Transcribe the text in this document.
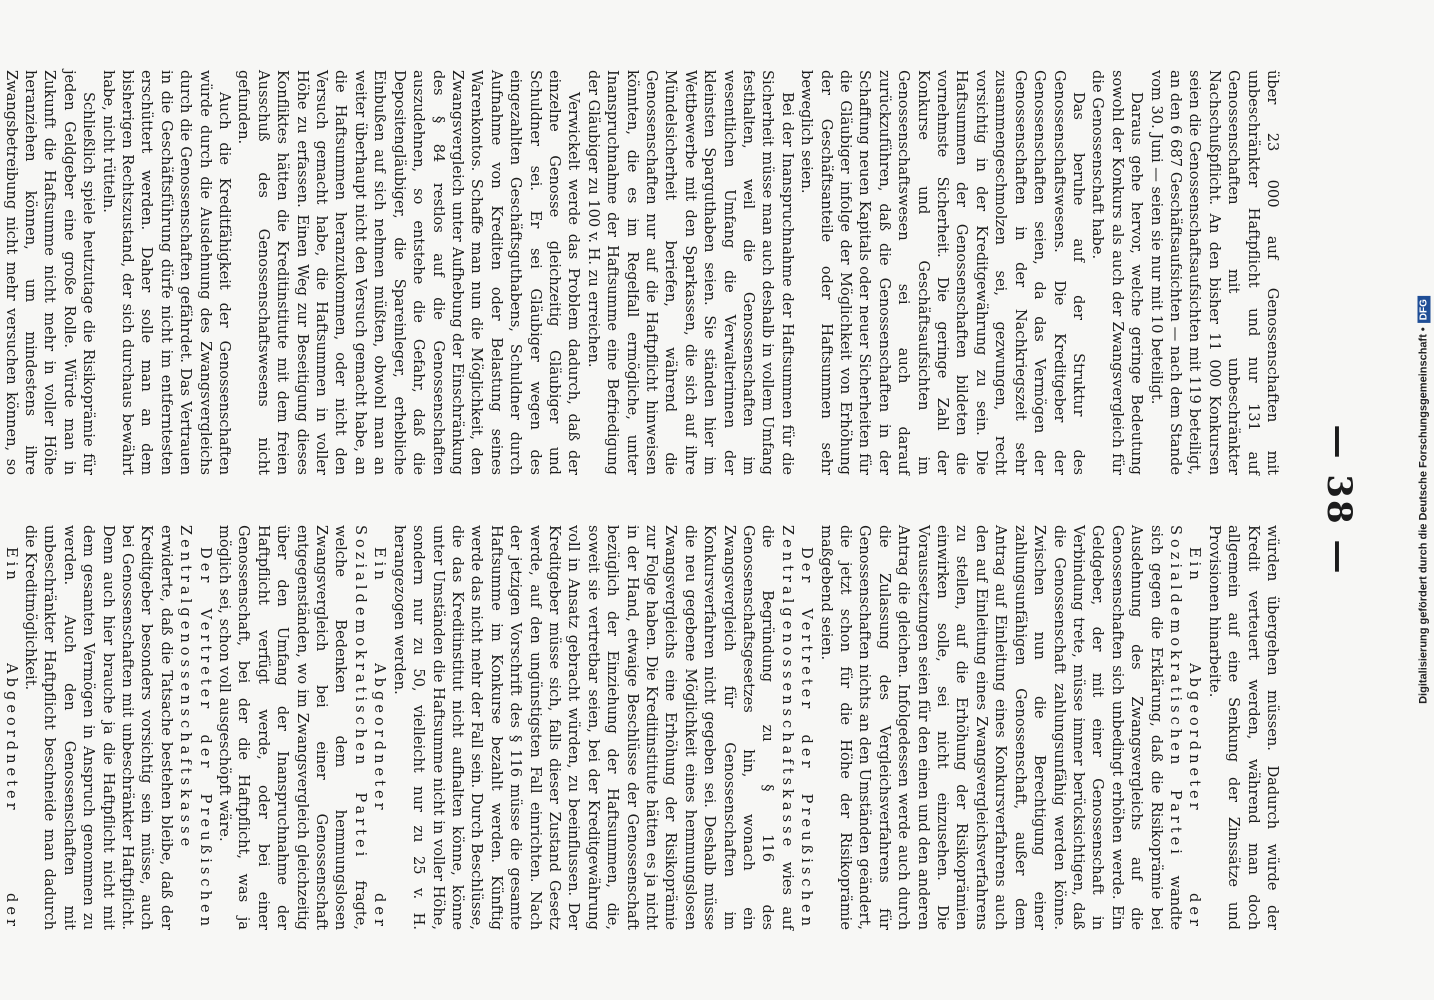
— 38 —

über 23 000 auf Genossenschaften mit unbeschränkter Haftpflicht und nur 131 auf Genossenschaften mit unbeschränkter Nachschußpflicht. An den bisher 11 000 Konkursen seien die Genossenschaftsaufsichten mit 119 beteiligt, an den 6 687 Geschäftsaufsichten — nach dem Stande vom 30. Juni — seien sie nur mit 10 beteiligt.

Daraus gehe hervor, welche geringe Bedeutung sowohl der Konkurs als auch der Zwangsvergleich für die Genossenschaft habe.

Das beruhe auf der Struktur des Genossenschaftswesens. Die Kreditgeber der Genossenschaften seien, da das Vermögen der Genossenschaften in der Nachkriegszeit sehr zusammengeschmolzen sei, gezwungen, recht vorsichtig in der Kreditgewährung zu sein. Die Haftsummen der Genossenschaften bildeten die vornehmste Sicherheit. Die geringe Zahl der Konkurse und Geschäftsaufsichten im Genossenschaftswesen sei auch darauf zurückzuführen, daß die Genossenschaften in der Schaffung neuen Kapitals oder neuer Sicherheiten für die Gläubiger infolge der Möglichkeit von Erhöhung der Geschäftsanteile oder Haftsummen sehr beweglich seien.

Bei der Inanspruchnahme der Haftsummen für die Sicherheit müsse man auch deshalb in vollem Umfang festhalten, weil die Genossenschaften im wesentlichen Umfang die Verwalterinnen der kleinsten Sparguthaben seien. Sie ständen hier im Wettbewerbe mit den Sparkassen, die sich auf ihre Mündelsicherheit beriefen, während die Genossenschaften nur auf die Haftpflicht hinweisen könnten, die es im Regelfall ermögliche, unter Inanspruchnahme der Haftsumme eine Befriedigung der Gläubiger zu 100 v. H. zu erreichen.

Verwickelt werde das Problem dadurch, daß der einzelne Genosse gleichzeitig Gläubiger und Schuldner sei. Er sei Gläubiger wegen des eingezahlten Geschäftsguthabens, Schuldner durch Aufnahme von Krediten oder Belastung seines Warenkontos. Schaffe man nun die Möglichkeit, den Zwangsvergleich unter Aufhebung der Einschränkung des § 84 restlos auf die Genossenschaften auszudehnen, so entstehe die Gefahr, daß die Depositengläubiger, die Spareinleger, erhebliche Einbußen auf sich nehmen müßten, obwohl man an weiter überhaupt nicht den Versuch gemacht habe, an die Haftsummen heranzukommen, oder nicht den Versuch gemacht habe, die Haftsummen in voller Höhe zu erfassen. Einen Weg zur Beseitigung dieses Konfliktes hätten die Kreditinstitute mit dem freien Ausschuß des Genossenschaftswesens nicht gefunden.

Auch die Kreditfähigkeit der Genossenschaften würde durch die Ausdehnung des Zwangsvergleichs durch die Genossenschaften gefährdet. Das Vertrauen in die Geschäftsführung dürfe nicht im entferntesten erschüttert werden. Daher solle man an dem bisherigen Rechtszustand, der sich durchaus bewährt habe, nicht rütteln.

Schließlich spiele heutzutage die Risikoprämie für jeden Geldgeber eine große Rolle. Würde man in Zukunft die Haftsumme nicht mehr in voller Höhe heranziehen können, um mindestens ihre Zwangsbetreibung nicht mehr versuchen können, so

würden übergehen müssen. Dadurch würde der Kredit verteuert werden, während man doch allgemein auf eine Senkung der Zinssätze und Provisionen hinarbeite.

Ein Abgeordneter der Sozialdemokratischen Partei wandte sich gegen die Erklärung, daß die Risikoprämie bei Ausdehnung des Zwangsvergleichs auf die Genossenschaften sich unbedingt erhöhen werde. Ein Geldgeber, der mit einer Genossenschaft in Verbindung trete, müsse immer berücksichtigen, daß die Genossenschaft zahlungsunfähig werden könne. Zwischen nun die Berechtigung einer zahlungsunfähigen Genossenschaft, außer dem Antrag auf Einleitung eines Konkursverfahrens auch den auf Einleitung eines Zwangsvergleichsverfahrens zu stellen, auf die Erhöhung der Risikoprämien einwirken solle, sei nicht einzusehen. Die Voraussetzungen seien für den einen und den anderen Antrag die gleichen. Infolgedessen werde auch durch die Zulassung des Vergleichsverfahrens für Genossenschaften nichts an den Umständen geändert, die jetzt schon für die Höhe der Risikoprämie maßgebend seien.

Der Vertreter der Preußischen Zentralgenossenschaftskasse wies auf die Begründung zu § 116 des Genossenschaftsgesetzes hin, wonach ein Zwangsvergleich für Genossenschaften im Konkursverfahren nicht gegeben sei. Deshalb müsse die neu gegebene Möglichkeit eines hemmungslosen Zwangsvergleichs eine Erhöhung der Risikoprämie zur Folge haben. Die Kreditinstitute hätten es ja nicht in der Hand, etwaige Beschlüsse der Genossenschaft bezüglich der Einziehung der Haftsummen, die, soweit sie vertretbar seien, bei der Kreditgewährung voll in Ansatz gebracht würden, zu beeinflussen. Der Kreditgeber müsse sich, falls dieser Zustand Gesetz werde, auf den ungünstigsten Fall einrichten. Nach der jetzigen Vorschrift des § 116 müsse die gesamte Haftsumme im Konkurse bezahlt werden. Künftig werde das nicht mehr der Fall sein. Durch Beschlüsse, die das Kreditinstitut nicht aufhalten könne, könne unter Umständen die Haftsumme nicht in voller Höhe, sondern nur zu 50, vielleicht nur zu 25 v. H. herangezogen werden.

Ein Abgeordneter der Sozialdemokratischen Partei fragte, welche Bedenken dem hemmungslosen Zwangsvergleich bei einer Genossenschaft entgegenständen, wo im Zwangsvergleich gleichzeitig über den Umfang der Inanspruchnahme der Haftpflicht verfügt werde, oder bei einer Genossenschaft, bei der die Haftpflicht, was ja möglich sei, schon voll ausgeschöpft wäre.

Der Vertreter der Preußischen Zentralgenossenschaftskasse erwiderte, daß die Tatsache bestehen bleibe, daß der Kreditgeber besonders vorsichtig sein müsse, auch bei Genossenschaften mit unbeschränkter Haftpflicht. Denn auch hier brauche ja die Haftpflicht nicht mit dem gesamten Vermögen in Anspruch genommen zu werden. Auch den Genossenschaften mit unbeschränkter Haftpflicht beschneide man dadurch die Kreditmöglichkeit.

Ein Abgeordneter der

Digitalisierung gefördert durch die Deutsche Forschungsgemeinschaft •DFG
